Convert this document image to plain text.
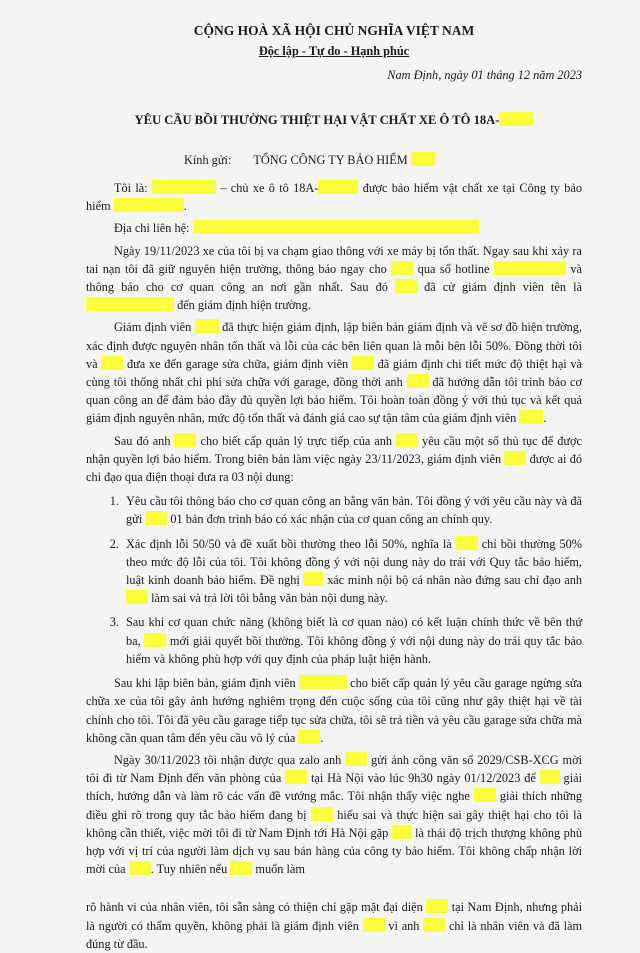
CỘNG HOÀ XÃ HỘI CHỦ NGHĨA VIỆT NAM
Độc lập - Tự do - Hạnh phúc
Nam Định, ngày 01 tháng 12 năm 2023
YÊU CẦU BỒI THƯỜNG THIỆT HẠI VẬT CHẤT XE Ô TÔ 18A-
Kính gửi: TỔNG CÔNG TY BẢO HIỂM

Tôi là:	– chủ xe ô tô 18A-	được bảo hiểm vật chất xe tại Công ty bảo hiểm	.

Địa chỉ liên hệ:

Ngày 19/11/2023 xe của tôi bị va chạm giao thông với xe máy bị tổn thất. Ngay sau khi xảy ra tai nạn tôi đã giữ nguyên hiện trường, thông báo ngay cho	qua số hotline	và thông báo cho cơ quan công an nơi gần nhất. Sau đó	đã cử giám định viên tên là  đến giám định hiện trường.

Giám định viên	đã thực hiện giám định, lập biên bản giám định và vẽ sơ đồ hiện trường, xác định được nguyên nhân tổn thất và lỗi của các bên liên quan là mỗi bên lỗi 50%. Đồng thời tôi và đưa xe đến garage sửa chữa, giám định viên đã giám định chi tiết mức độ thiệt hại và cùng tôi thống nhất chi phí sửa chữa với garage, đồng thời anh đã hướng dẫn tôi trình báo cơ quan công an để đảm bảo đầy đủ quyền lợi bảo hiểm. Tôi hoàn toàn đồng ý với thủ tục và kết quả giám định nguyên nhân, mức độ tổn thất và đánh giá cao sự tận tâm của giám định viên .

Sau đó anh cho biết cấp quản lý trực tiếp của anh yêu cầu một số thủ tục để được nhận quyền lợi bảo hiểm. Trong biên bản làm việc ngày 23/11/2023, giám định viên được ai đó chỉ đạo qua điện thoại đưa ra 03 nội dung:

1. Yêu cầu tôi thông báo cho cơ quan công an bằng văn bản. Tôi đồng ý với yêu cầu này và đã gửi 01 bản đơn trình báo có xác nhận của cơ quan công an chính quy.
2. Xác định lỗi 50/50 và đề xuất bồi thường theo lỗi 50%, nghĩa là chỉ bồi thường 50% theo mức độ lỗi của tôi. Tôi không đồng ý với nội dung này do trái với Quy tắc bảo hiểm, luật kinh doanh bảo hiểm. Đề nghị xác minh nội bộ cá nhân nào đứng sau chỉ đạo anh  làm sai và trả lời tôi bằng văn bản nội dung này.
3. Sau khi cơ quan chức năng (không biết là cơ quan nào) có kết luận chính thức về bên thứ ba, mới giải quyết bồi thường. Tôi không đồng ý với nội dung này do trái quy tắc bảo hiểm và không phù hợp với quy định của pháp luật hiện hành.

Sau khi lập biên bản, giám định viên	cho biết cấp quản lý yêu cầu garage ngừng sửa chữa xe của tôi gây ảnh hưởng nghiêm trọng đến cuộc sống của tôi cũng như gây thiệt hại về tài chính cho tôi. Tôi đã yêu cầu garage tiếp tục sửa chữa, tôi sẽ trả tiền và yêu cầu garage sửa chữa mà không cần quan tâm đến yêu cầu vô lý của .

Ngày 30/11/2023 tôi nhận được qua zalo anh gửi ảnh công văn số 2029/CSB-XCG mời tôi đi từ Nam Định đến văn phòng của tại Hà Nội vào lúc 9h30 ngày 01/12/2023 để giải thích, hướng dẫn và làm rõ các vấn đề vướng mắc. Tôi nhận thấy việc nghe giải thích những điều ghi rõ trong quy tắc bảo hiểm đang bị hiểu sai và thực hiện sai gây thiệt hại cho tôi là không cần thiết, việc mời tôi đi từ Nam Định tới Hà Nội gặp là thái độ trịch thượng không phù hợp với vị trí của người làm dịch vụ sau bán hàng của công ty bảo hiểm. Tôi không chấp nhận lời mời của . Tuy nhiên nếu muốn làm

rõ hành vi của nhân viên, tôi sẵn sàng có thiện chí gặp mặt đại diện tại Nam Định, nhưng phải là người có thẩm quyền, không phải là giám định viên vì anh chỉ là nhân viên và đã làm đúng từ đầu.
